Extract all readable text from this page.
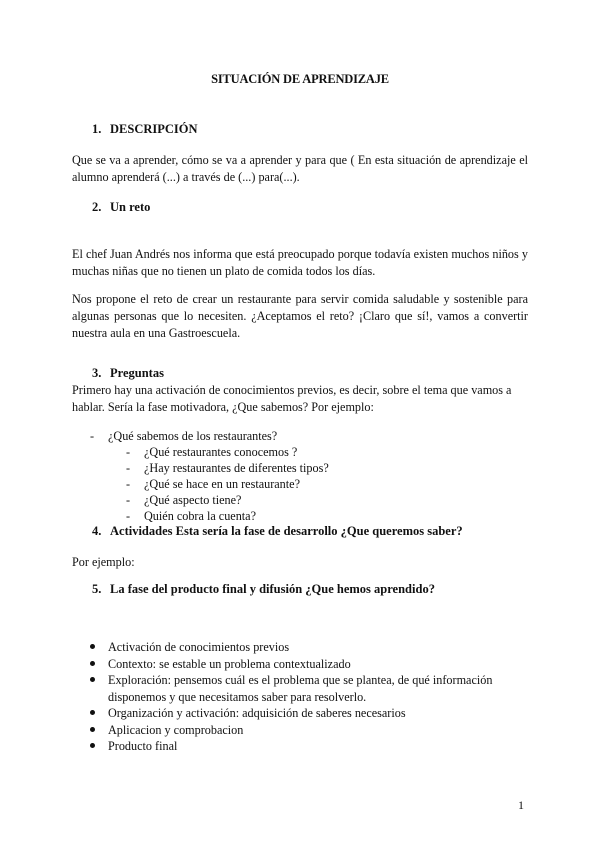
SITUACIÓN DE APRENDIZAJE
1. DESCRIPCIÓN
Que se va a aprender, cómo se va a aprender y para que ( En esta situación de aprendizaje el alumno aprenderá (...) a través de (...) para(...).
2. Un reto
El chef Juan Andrés nos informa que está preocupado porque todavía existen muchos niños y muchas niñas que no tienen un plato de comida todos los días.
Nos propone el reto de crear un restaurante para servir comida saludable y sostenible para algunas personas que lo necesiten. ¿Aceptamos el reto? ¡Claro que sí!, vamos a convertir nuestra aula en una Gastroescuela.
3. Preguntas
Primero hay una activación de conocimientos previos, es decir, sobre el tema que vamos a hablar. Sería la fase motivadora, ¿Que sabemos? Por ejemplo:
- ¿Qué sabemos de los restaurantes?
- ¿Qué restaurantes conocemos ?
- ¿Hay restaurantes de diferentes tipos?
- ¿Qué se hace en un restaurante?
- ¿Qué aspecto tiene?
- Quién cobra la cuenta?
4. Actividades Esta sería la fase de desarrollo ¿Que queremos saber?
Por ejemplo:
5. La fase del producto final y difusión ¿Que hemos aprendido?

Activación de conocimientos previos

Contexto: se estable un problema contextualizado

Exploración: pensemos cuál es el problema que se plantea, de qué información disponemos y que necesitamos saber para resolverlo.

Organización y activación: adquisición de saberes necesarios

Aplicacion y comprobacion

Producto final

1
